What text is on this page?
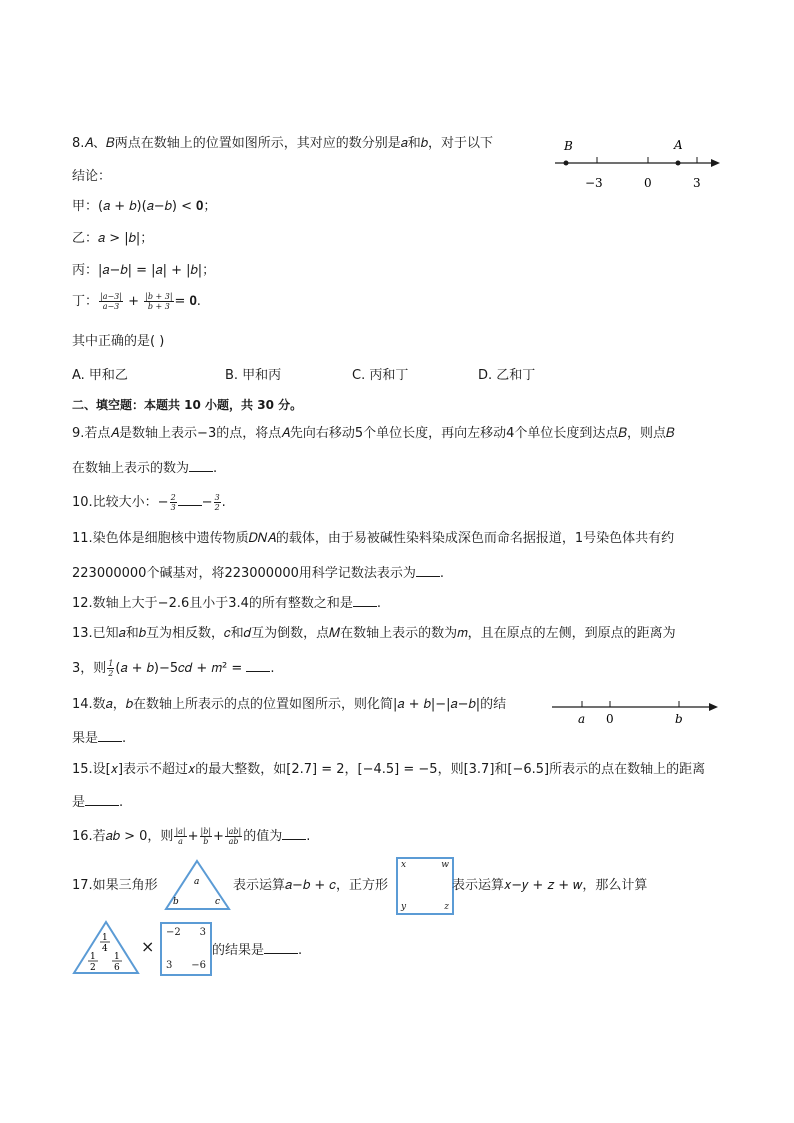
8.𝐴、𝐵两点在数轴上的位置如图所示，其对应的数分别是𝑎和𝑏，对于以下
结论：
甲：(𝑎 + 𝑏)(𝑎−𝑏) < 𝟎；
乙：𝑎 > |𝑏|；
丙：|𝑎−𝑏| = |𝑎| + |𝑏|；
丁： $\frac{\text{|𝑎−3|}}{\text{𝑎−3}} + \frac{\text{|𝑏 + 3|}}{\text{𝑏 + 3}}$ = 𝟎.
其中正确的是( )
A. 甲和乙	B. 甲和丙	C. 丙和丁	D. 乙和丁
𝐵	𝐴
−3	0	3
二、填空题：本题共 10 小题，共 30 分。
9.若点𝐴是数轴上表示−3的点，将点𝐴先向右移动5个单位长度，再向左移动4个单位长度到达点𝐵，则点𝐵
在数轴上表示的数为 .
10.比较大小：− $\frac{2}{3} - \frac{3}{2}$ .
11.染色体是细胞核中遗传物质𝐷𝑁𝐴的载体，由于易被碱性染料染成深色而命名据报道，1号染色体共有约
223000000个碱基对，将223000000用科学记数法表示为 .
12.数轴上大于−2.6且小于3.4的所有整数之和是 .
13.已知𝑎和𝑏互为相反数，𝑐和𝑑互为倒数，点𝑀在数轴上表示的数为𝑚，且在原点的左侧，到原点的距离为
3，则 $\frac{1}{2}$ (𝑎 + 𝑏)−5𝑐𝑑 + 𝑚² = .
14.数𝑎，𝑏在数轴上所表示的点的位置如图所示，则化简|𝑎 + 𝑏|−|𝑎−𝑏|的结
果是 .
𝑎 0	𝑏
15.设[𝑥]表示不超过𝑥的最大整数，如[2.7] = 2，[−4.5] = −5，则[3.7]和[−6.5]所表示的点在数轴上的距离
是	.
16.若𝑎𝑏 > 0，则 $\frac{\text{|𝑎|}}{\text{𝑎}} + \frac{\text{|𝑏|}}{\text{𝑏}} + \frac{\text{|𝑎𝑏|}}{\text{𝑎𝑏}}$ 的值为 .
17.如果三角形	a
b	c
表示运算𝑎−𝑏 + 𝑐，正方形
x	w
y	z
表示运算𝑥−𝑦 + 𝑧 + 𝑤，那么计算
1
4
1
2
1
6
×
−2 3
3 −6
的结果是	.
